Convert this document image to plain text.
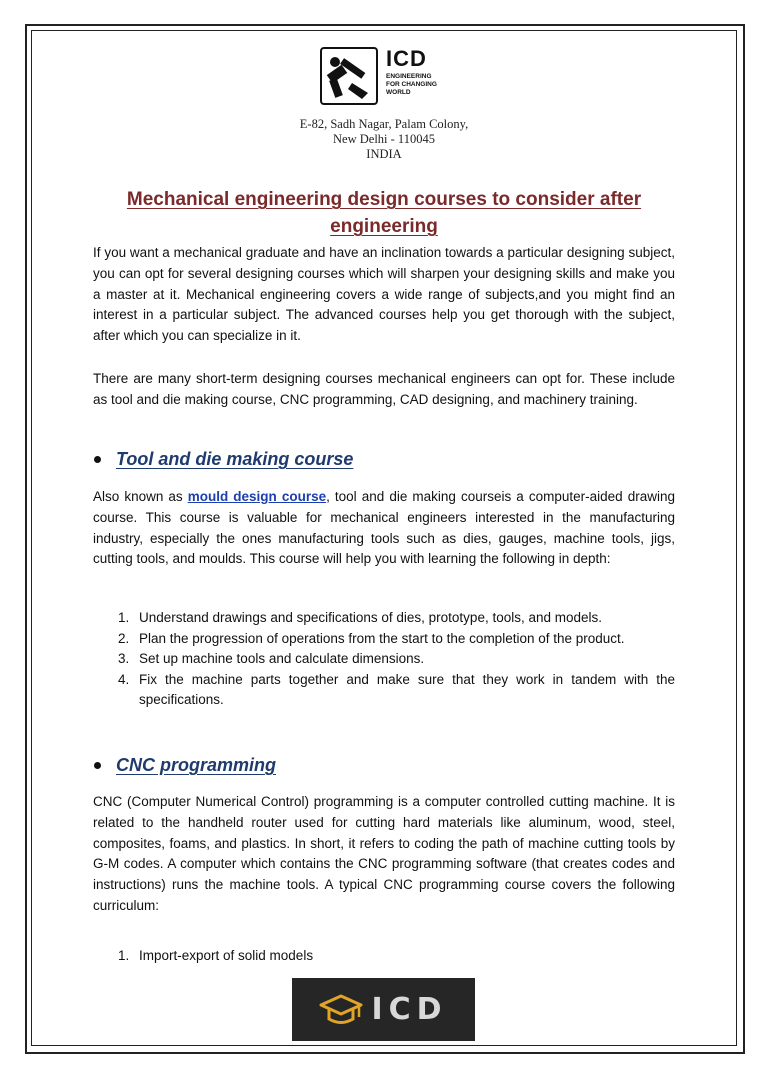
ICD
ENGINEERING FOR CHANGING WORLD
E-82, Sadh Nagar, Palam Colony,
New Delhi - 110045
INDIA
Mechanical engineering design courses to consider after engineering

If you want a mechanical graduate and have an inclination towards a particular designing subject, you can opt for several designing courses which will sharpen your designing skills and make you a master at it. Mechanical engineering covers a wide range of subjects,and you might find an interest in a particular subject. The advanced courses help you get thorough with the subject, after which you can specialize in it.

There are many short-term designing courses mechanical engineers can opt for. These include as tool and die making course, CNC programming, CAD designing, and machinery training.

Tool and die making course

Also known as mould design course, tool and die making courseis a computer-aided drawing course. This course is valuable for mechanical engineers interested in the manufacturing industry, especially the ones manufacturing tools such as dies, gauges, machine tools, jigs, cutting tools, and moulds. This course will help you with learning the following in depth:

1. Understand drawings and specifications of dies, prototype, tools, and models.
2. Plan the progression of operations from the start to the completion of the product.
3. Set up machine tools and calculate dimensions.
4. Fix the machine parts together and make sure that they work in tandem with the specifications.
CNC programming

CNC (Computer Numerical Control) programming is a computer controlled cutting machine. It is related to the handheld router used for cutting hard materials like aluminum, wood, steel, composites, foams, and plastics. In short, it refers to coding the path of machine cutting tools by G-M codes. A computer which contains the CNC programming software (that creates codes and instructions) runs the machine tools. A typical CNC programming course covers the following curriculum:

1. Import-export of solid models
ICD
